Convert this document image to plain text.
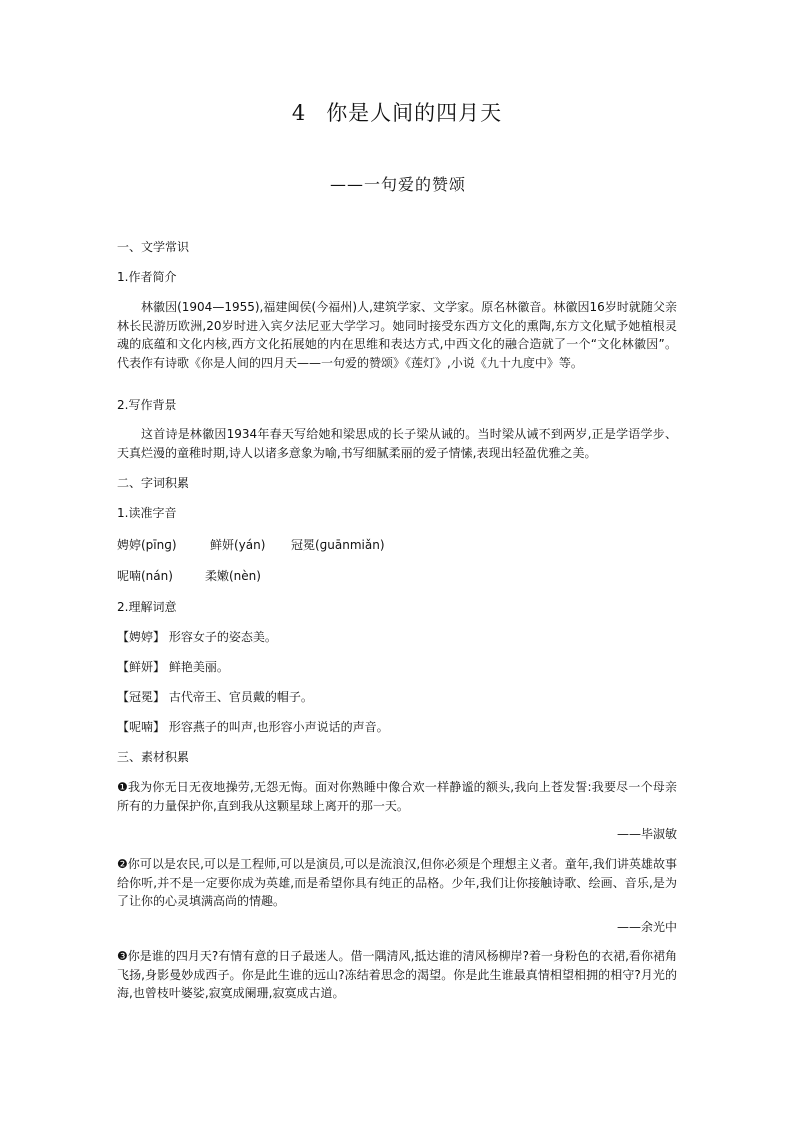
4 你是人间的四月天
——一句爱的赞颂
一、文学常识
1.作者简介
林徽因(1904—1955),福建闽侯(今福州)人,建筑学家、文学家。原名林徽音。林徽因16岁时就随父亲林长民游历欧洲,20岁时进入宾夕法尼亚大学学习。她同时接受东西方文化的熏陶,东方文化赋予她植根灵魂的底蕴和文化内核,西方文化拓展她的内在思维和表达方式,中西文化的融合造就了一个“文化林徽因”。代表作有诗歌《你是人间的四月天——一句爱的赞颂》《莲灯》,小说《九十九度中》等。
2.写作背景
这首诗是林徽因1934年春天写给她和梁思成的长子梁从诫的。当时梁从诫不到两岁,正是学语学步、天真烂漫的童稚时期,诗人以诸多意象为喻,书写细腻柔丽的爱子情愫,表现出轻盈优雅之美。
二、字词积累
1.读准字音
娉婷(pīnɡ)	鲜妍(yán) 冠冕(ɡuānmiǎn)
呢喃(nán)	柔嫩(nèn)
2.理解词意
【娉婷】 形容女子的姿态美。
【鲜妍】 鲜艳美丽。
【冠冕】 古代帝王、官员戴的帽子。
【呢喃】 形容燕子的叫声,也形容小声说话的声音。
三、素材积累
❶我为你无日无夜地操劳,无怨无悔。面对你熟睡中像合欢一样静谧的额头,我向上苍发誓:我要尽一个母亲所有的力量保护你,直到我从这颗星球上离开的那一天。
——毕淑敏
❷你可以是农民,可以是工程师,可以是演员,可以是流浪汉,但你必须是个理想主义者。童年,我们讲英雄故事给你听,并不是一定要你成为英雄,而是希望你具有纯正的品格。少年,我们让你接触诗歌、绘画、音乐,是为了让你的心灵填满高尚的情趣。
——余光中
❸你是谁的四月天?有情有意的日子最迷人。借一隅清风,抵达谁的清风杨柳岸?着一身粉色的衣裙,看你裙角飞扬,身影曼妙成西子。你是此生谁的远山?冻结着思念的渴望。你是此生谁最真情相望相拥的相守?月光的海,也曾枝叶婆娑,寂寞成阑珊,寂寞成古道。
